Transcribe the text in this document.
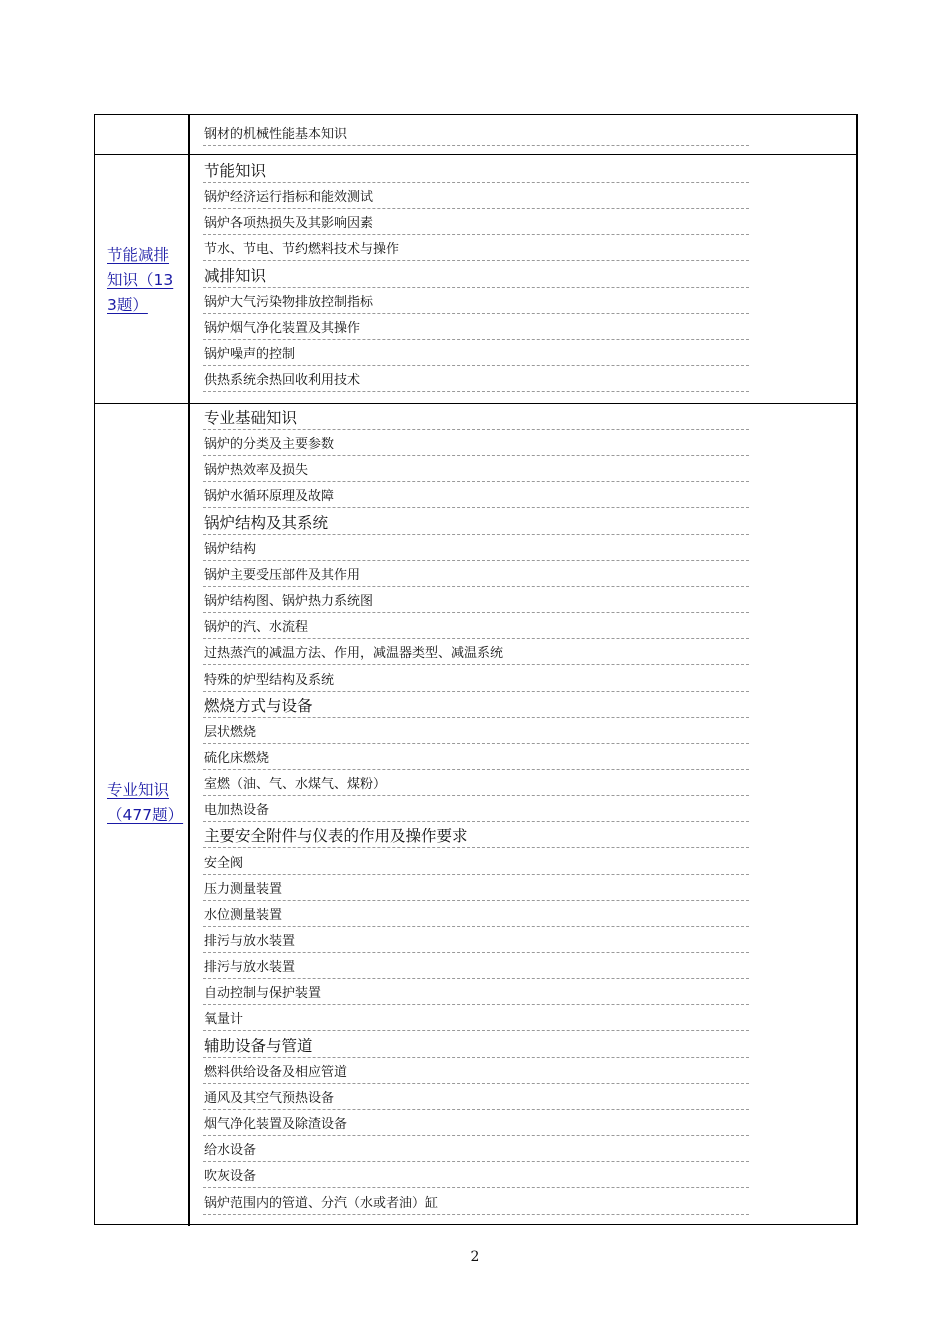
钢材的机械性能基本知识
节能减排知识（133题）
节能知识
锅炉经济运行指标和能效测试
锅炉各项热损失及其影响因素
节水、节电、节约燃料技术与操作
减排知识
锅炉大气污染物排放控制指标
锅炉烟气净化装置及其操作
锅炉噪声的控制
供热系统余热回收利用技术
专业知识（477题）
专业基础知识
锅炉的分类及主要参数
锅炉热效率及损失
锅炉水循环原理及故障
锅炉结构及其系统
锅炉结构
锅炉主要受压部件及其作用
锅炉结构图、锅炉热力系统图
锅炉的汽、水流程
过热蒸汽的减温方法、作用，减温器类型、减温系统
特殊的炉型结构及系统
燃烧方式与设备
层状燃烧
硫化床燃烧
室燃（油、气、水煤气、煤粉）
电加热设备
主要安全附件与仪表的作用及操作要求
安全阀
压力测量装置
水位测量装置
排污与放水装置
排污与放水装置
自动控制与保护装置
氧量计
辅助设备与管道
燃料供给设备及相应管道
通风及其空气预热设备
烟气净化装置及除渣设备
给水设备
吹灰设备
锅炉范围内的管道、分汽（水或者油）缸
2
